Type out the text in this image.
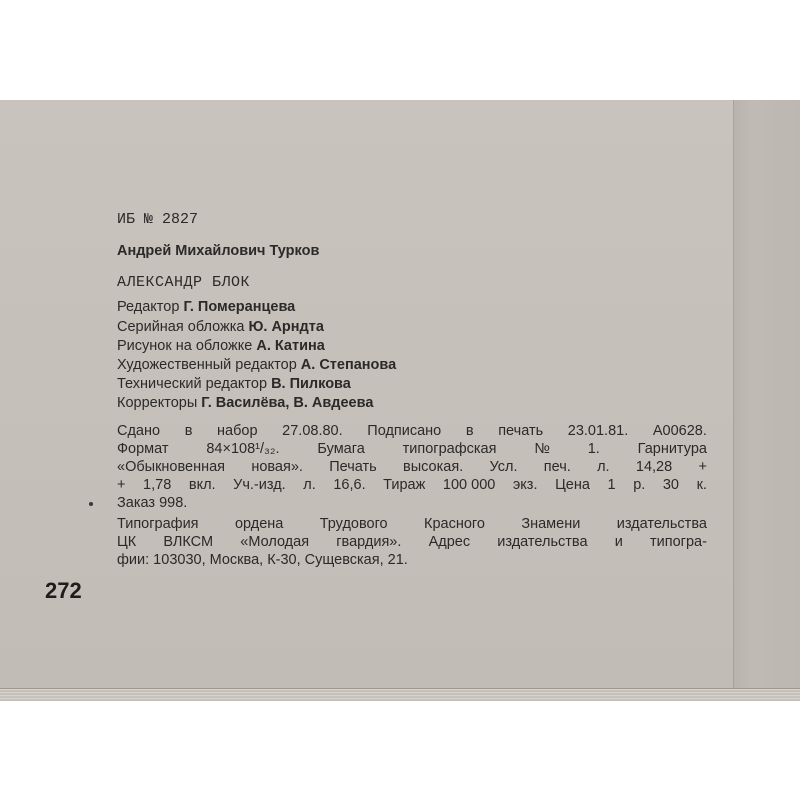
ИБ № 2827
Андрей Михайлович Турков
АЛЕКСАНДР БЛОК
Редактор Г. Померанцева
Серийная обложка Ю. Арндта
Рисунок на обложке А. Катина
Художественный редактор А. Степанова
Технический редактор В. Пилкова
Корректоры Г. Василёва, В. Авдеева
Сдано в набор 27.08.80. Подписано в печать 23.01.81. А00628.
Формат	84×108¹/₃₂.	Бумага	типографская	№	1.	Гарнитура
«Обыкновенная новая». Печать высокая. Усл. печ. л. 14,28 +
+ 1,78 вкл. Уч.-изд. л. 16,6. Тираж 100 000 экз. Цена 1 р. 30 к.
Заказ 998.
Типография	ордена	Трудового	Красного	Знамени	издательства
ЦК ВЛКСМ «Молодая гвардия». Адрес издательства и типогра-
фии: 103030, Москва, К-30, Сущевская, 21.
272
